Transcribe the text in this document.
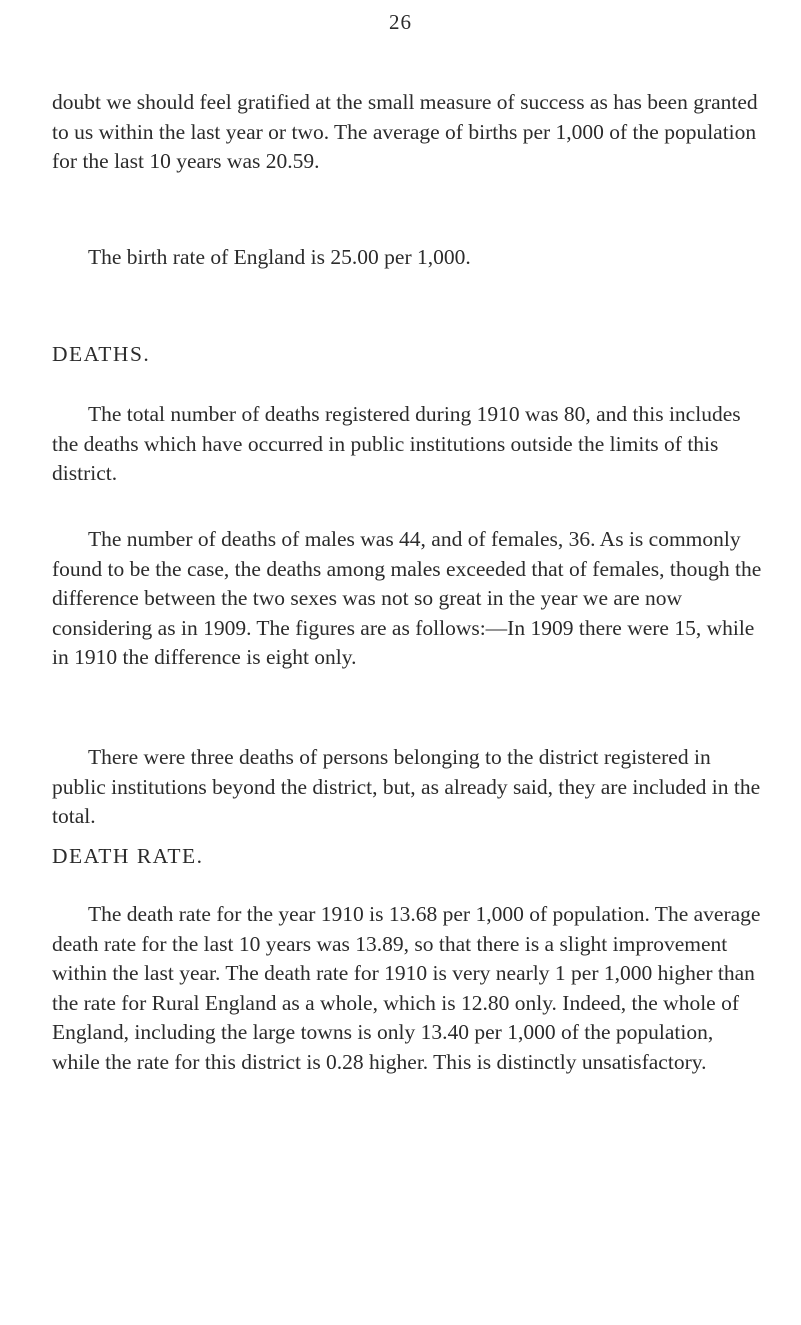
26

doubt we should feel gratified at the small measure of success as has been granted to us within the last year or two. The average of births per 1,000 of the population for the last 10 years was 20.59.

The birth rate of England is 25.00 per 1,000.

DEATHS.

The total number of deaths registered during 1910 was 80, and this includes the deaths which have occurred in public institutions outside the limits of this district.

The number of deaths of males was 44, and of females, 36. As is commonly found to be the case, the deaths among males exceeded that of females, though the difference between the two sexes was not so great in the year we are now considering as in 1909. The figures are as follows:—In 1909 there were 15, while in 1910 the difference is eight only.

There were three deaths of persons belonging to the district registered in public institutions beyond the district, but, as already said, they are included in the total.

DEATH RATE.

The death rate for the year 1910 is 13.68 per 1,000 of population. The average death rate for the last 10 years was 13.89, so that there is a slight improvement within the last year. The death rate for 1910 is very nearly 1 per 1,000 higher than the rate for Rural England as a whole, which is 12.80 only. Indeed, the whole of England, including the large towns is only 13.40 per 1,000 of the population, while the rate for this district is 0.28 higher. This is distinctly unsatisfactory.
